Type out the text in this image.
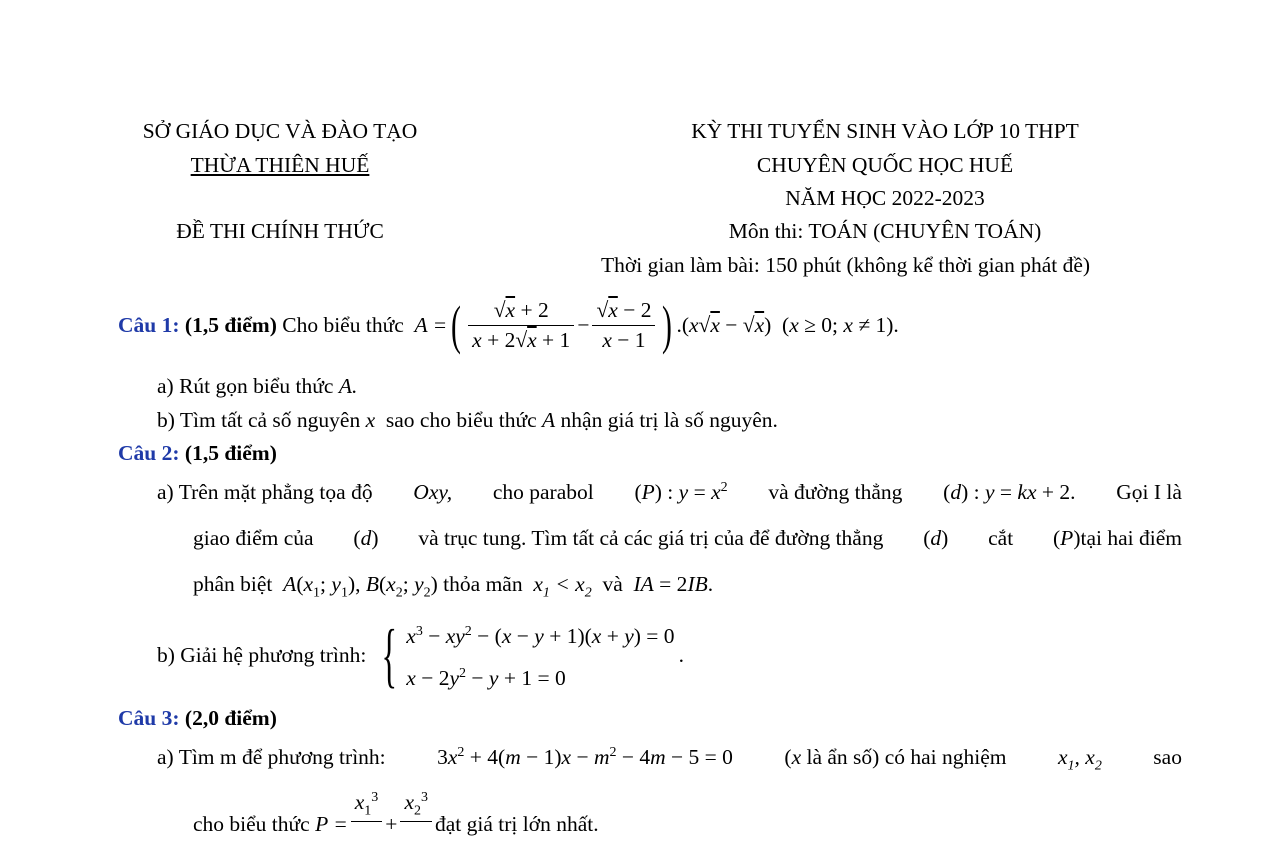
SỞ GIÁO DỤC VÀ ĐÀO TẠO
THỪA THIÊN HUẾ
ĐỀ THI CHÍNH THỨC
KỲ THI TUYỂN SINH VÀO LỚP 10 THPT
CHUYÊN QUỐC HỌC HUẾ
NĂM HỌC 2022-2023
Môn thi: TOÁN (CHUYÊN TOÁN)
Thời gian làm bài: 150 phút (không kể thời gian phát đề)
Câu 1:
(1,5 điểm)
Cho biểu thức
A = ( $\frac{√x + 2}{x + 2√x + 1} - \frac{√x - 2}{x - 1}$ ) .(x√x − √x)  (x ≥ 0; x ≠ 1).
a) Rút gọn biểu thức A.
b) Tìm tất cả số nguyên x sao cho biểu thức A nhận giá trị là số nguyên.
Câu 2: (1,5 điểm)
a) Trên mặt phẳng tọa độ Oxy, cho parabol (P) : $y = x^2$ và đường thẳng (d) : y = kx + 2. Gọi I là
giao điểm của (d) và trục tung. Tìm tất cả các giá trị của để đường thẳng (d) cắt (P)tại hai điểm
phân biệt $A(x_1$; $y_1$), $B(x_2$; $y_2$) thỏa mãn $x_1 < x_2$ và IA = 2IB.
b) Giải hệ phương trình:
{ $x^3 - xy^2 - (x - y + 1)(x + y) = 0$
$x - 2y^2 - y + 1 = 0$
.
Câu 3: (2,0 điểm)
a) Tìm m để phương trình: $3x^2 + 4(m - 1)x - m^2 - 4m - 5 = 0$ (x là ẩn số) có hai nghiệm $x_1$, $x_2$ sao
cho biểu thức
P =
$x_1^3$

+
$x_2^3$

đạt giá trị lớn nhất.
